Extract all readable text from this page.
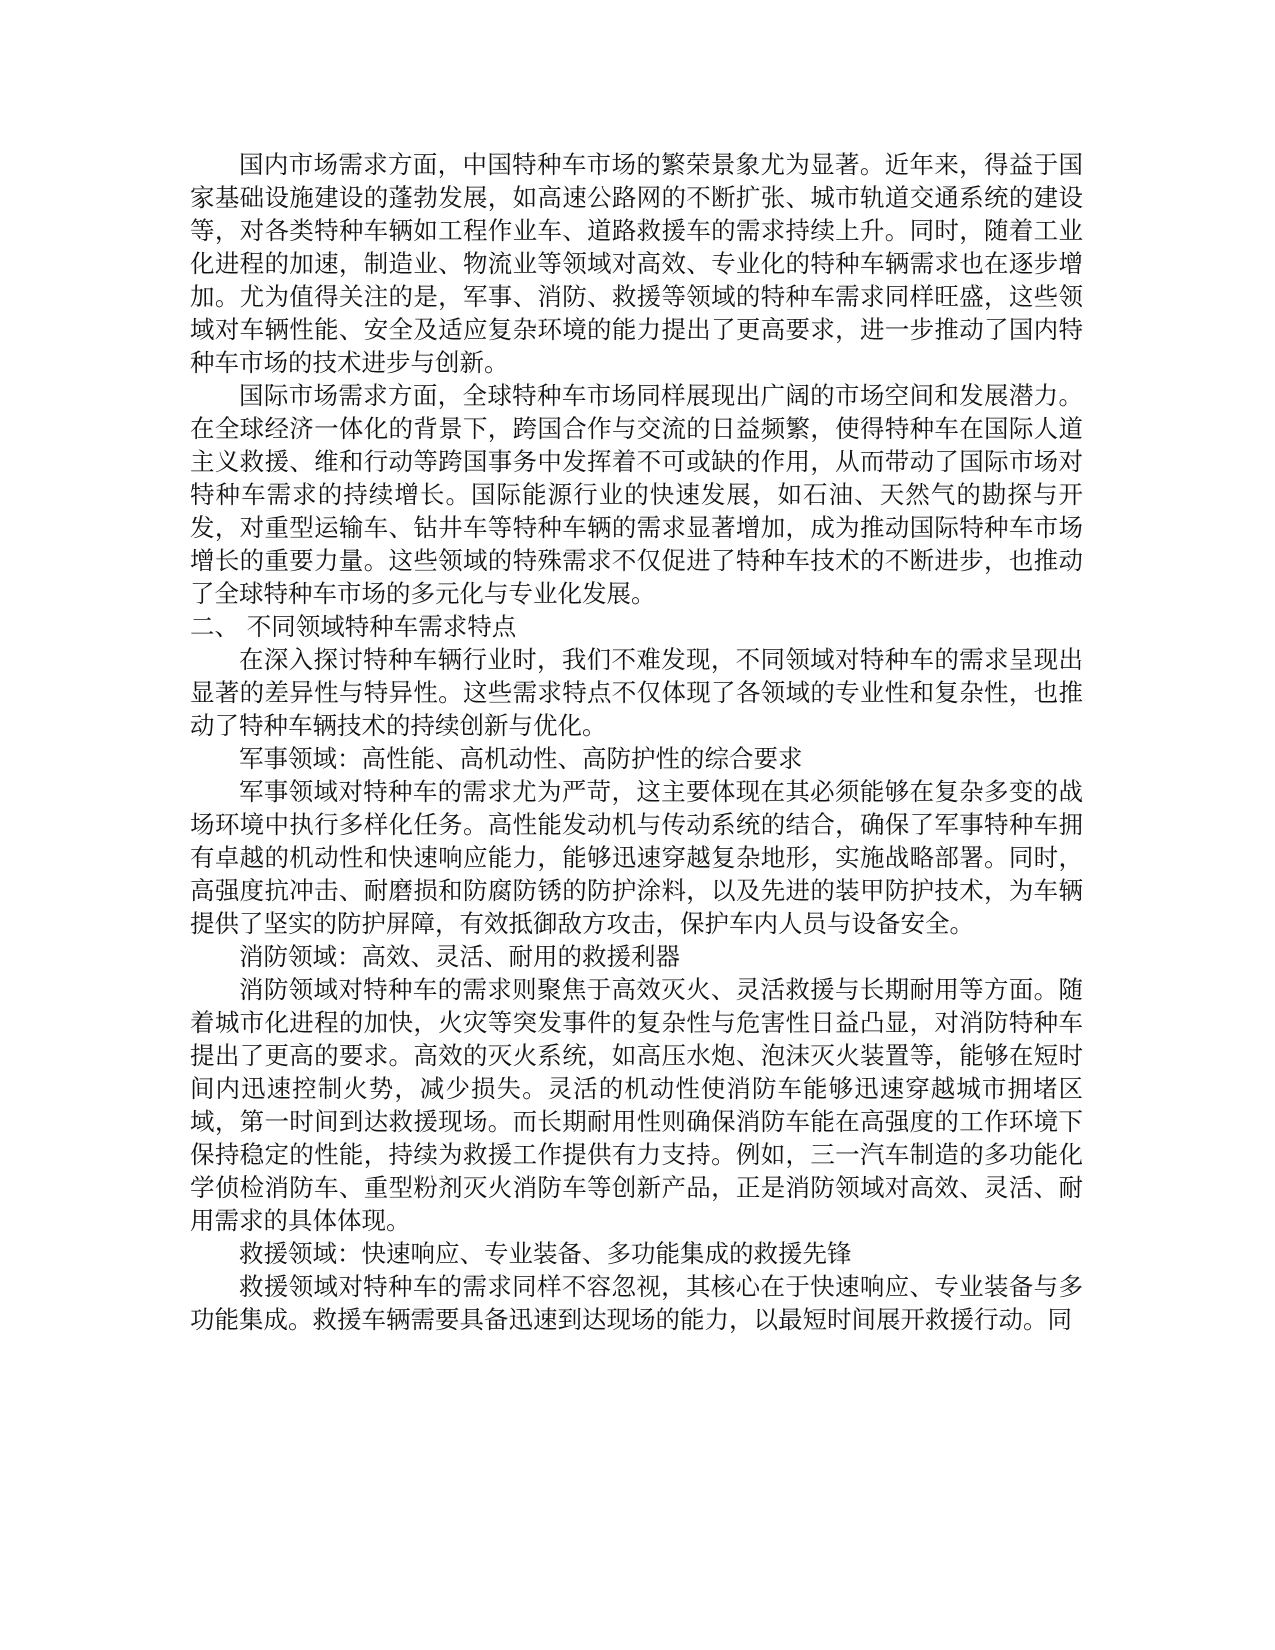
国内市场需求方面，中国特种车市场的繁荣景象尤为显著。近年来，得益于国家基础设施建设的蓬勃发展，如高速公路网的不断扩张、城市轨道交通系统的建设等，对各类特种车辆如工程作业车、道路救援车的需求持续上升。同时，随着工业化进程的加速，制造业、物流业等领域对高效、专业化的特种车辆需求也在逐步增加。尤为值得关注的是，军事、消防、救援等领域的特种车需求同样旺盛，这些领域对车辆性能、安全及适应复杂环境的能力提出了更高要求，进一步推动了国内特种车市场的技术进步与创新。

国际市场需求方面，全球特种车市场同样展现出广阔的市场空间和发展潜力。在全球经济一体化的背景下，跨国合作与交流的日益频繁，使得特种车在国际人道主义救援、维和行动等跨国事务中发挥着不可或缺的作用，从而带动了国际市场对特种车需求的持续增长。国际能源行业的快速发展，如石油、天然气的勘探与开发，对重型运输车、钻井车等特种车辆的需求显著增加，成为推动国际特种车市场增长的重要力量。这些领域的特殊需求不仅促进了特种车技术的不断进步，也推动了全球特种车市场的多元化与专业化发展。

二、 不同领域特种车需求特点

在深入探讨特种车辆行业时，我们不难发现，不同领域对特种车的需求呈现出显著的差异性与特异性。这些需求特点不仅体现了各领域的专业性和复杂性，也推动了特种车辆技术的持续创新与优化。

军事领域：高性能、高机动性、高防护性的综合要求

军事领域对特种车的需求尤为严苛，这主要体现在其必须能够在复杂多变的战场环境中执行多样化任务。高性能发动机与传动系统的结合，确保了军事特种车拥有卓越的机动性和快速响应能力，能够迅速穿越复杂地形，实施战略部署。同时，高强度抗冲击、耐磨损和防腐防锈的防护涂料，以及先进的装甲防护技术，为车辆提供了坚实的防护屏障，有效抵御敌方攻击，保护车内人员与设备安全。

消防领域：高效、灵活、耐用的救援利器

消防领域对特种车的需求则聚焦于高效灭火、灵活救援与长期耐用等方面。随着城市化进程的加快，火灾等突发事件的复杂性与危害性日益凸显，对消防特种车提出了更高的要求。高效的灭火系统，如高压水炮、泡沫灭火装置等，能够在短时间内迅速控制火势，减少损失。灵活的机动性使消防车能够迅速穿越城市拥堵区域，第一时间到达救援现场。而长期耐用性则确保消防车能在高强度的工作环境下保持稳定的性能，持续为救援工作提供有力支持。例如，三一汽车制造的多功能化学侦检消防车、重型粉剂灭火消防车等创新产品，正是消防领域对高效、灵活、耐用需求的具体体现。

救援领域：快速响应、专业装备、多功能集成的救援先锋

救援领域对特种车的需求同样不容忽视，其核心在于快速响应、专业装备与多功能集成。救援车辆需要具备迅速到达现场的能力，以最短时间展开救援行动。同
